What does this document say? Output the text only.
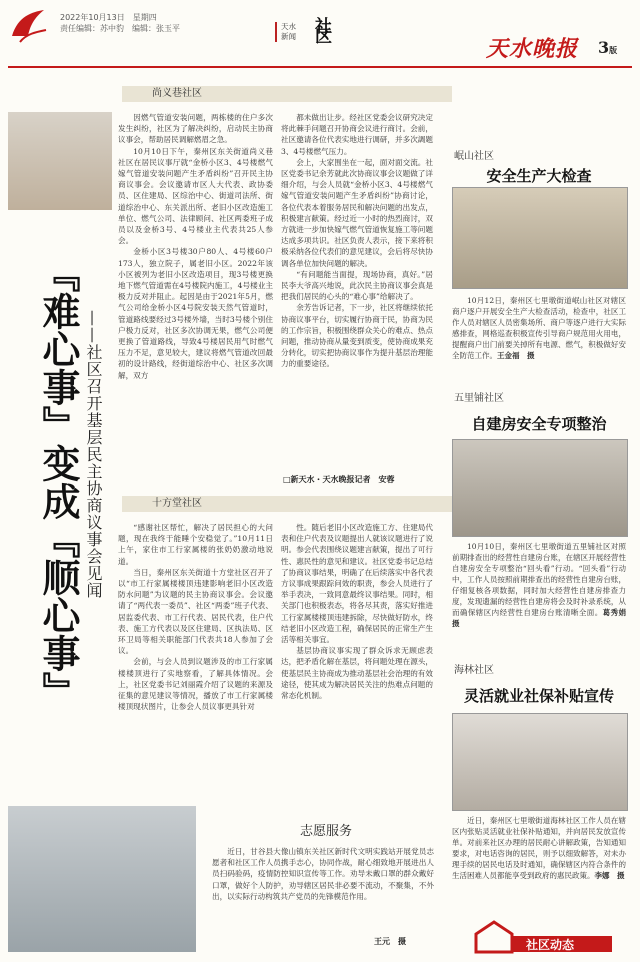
2022年10月13日　星期四
责任编辑：苏中豹　编辑：张玉平	天水
新闻 社区	天水晚报 3版
『难心事』变成『顺心事』 ——社区召开基层民主协商议事会见闻
尚义巷社区
十方堂社区

因燃气管道安装问题，两栋楼的住户多次发生纠纷，社区为了解决纠纷，启动民主协商议事会，帮助居民调解燃眉之急。

10月10日下午，秦州区东关街道尚义巷社区在居民议事厅就“金桥小区3、4号楼燃气嫁气管道安装问题产生矛盾纠纷”召开民主协商议事会。会议邀请市区人大代表、政协委员、区住建局、区综治中心、街道司法所、街道综治中心、东关派出所、老旧小区改造施工单位、燃气公司、法律顾问、社区两委班子成员以及金桥3号、4号楼业主代表共25人参会。

金桥小区3号楼30户80人、4号楼60户173人，独立院子，属老旧小区。2022年该小区被列为老旧小区改造项目，现3号楼更换地下燃气管道需在4号楼院内施工，4号楼业主极力反对并阻止。起因是由于2021年5月，燃气公司给金桥小区4号院安装天然气管道时，管道路线要经过3号楼外墙，当时3号楼个别住户极力反对，社区多次协调无果，燃气公司便更换了管道路线，导致4号楼居民用气时燃气压力不足，意见较大，建议将燃气管道改回最初的设计路线，经街道综治中心、社区多次调解，双方

都未做出让步。经社区党委会议研究决定将此棘手问题召开协商会议进行商讨。会前，社区邀请各位代表实地进行调研，并多次調题3、4号楼燃气压力。

会上，大家围坐在一起，面对面交流。社区党委书记余芳就此次协商议事会议题做了详细介绍，与会人员就“金桥小区3、4号楼燃气嫁气管道安装问题产生矛盾纠纷”协商讨论，各位代表本着服务居民和解决问题的出发点，积极建言献策。经过近一小时的热烈商讨，双方就进一步加快嫁气燃气管道恢复施工等问题达成多项共识。社区负责人表示，接下来将积极采纳各位代表们的意见建议，会后将尽快协调各单位加快问题的解决。

“有问题能当面提，现场协商，真好。”居民李大爷高兴地说，此次民主协商议事会真是把我们居民的心头的“难心事”给解决了。

余芳告诉记者，下一步，社区将继续依托协商议事平台，切实履行协商于民，协商为民的工作宗旨，积极围绕群众关心的难点、热点问题，推动协商从量变到质变，使协商成果充分转化，切实把协商议事作为提升基层治理能力的重要途径。

□新天水・天水晚报记者　安蓉

“感谢社区帮忙，解决了居民担心的大问题，现在我终于能睡个安稳觉了。”10月11日上午，家住市工行家属楼的张奶奶激动地说道。

当日，秦州区东关街道十方堂社区召开了以“市工行家属楼楼顶违建影响老旧小区改造防水问题”为议题的民主协商议事会。会议邀请了“两代表一委员”、社区“两委”班子代表、居监委代表、市工行代表、居民代表，住户代表、施工方代表以及区住建局、区执法局、区环卫局等相关职能部门代表共18人参加了会议。

会前，与会人员到议题涉及的市工行家属楼楼顶进行了实地察看，了解具体情况。会上，社区党委书记刘丽霞介绍了议题的来源及征集的意见建议等情况，播放了市工行家属楼楼顶现状图片，让参会人员议事更具针对

性。随后老旧小区改造施工方、住建局代表和住户代表及议题提出人就该议题进行了说明。参会代表围绕议题建言献策，提出了可行性、惠民性的意见和建议。社区党委书记总结了协商议事结果，明确了在后续落实中各代表方议事成果跟踪问效的职责，参会人员进行了举手表决，一致同意最终议事结果。同时，相关部门也积极表态，将各尽其责，落实好推进工行家属楼楼顶违建拆除，尽快做好防水，终结老旧小区改造工程，确保居民的正常生产生活等相关事宜。

基层协商议事实现了群众诉求无顾虑表达，把矛盾化解在基层，将问题处理在源头，使基层民主协商成为推动基层社会治理的有效途径，使其成为解决居民关注的热难点问题的常态化机制。

志愿服务

近日，甘谷县大像山镇东关社区新时代文明实践站开展党员志愿者和社区工作人员携手志心，协同作战，耐心细致地开展进出人员扫码验码，疫情防控知识宣传等工作。劝导未戴口罩的群众戴好口罩，做好个人防护，劝导辖区居民非必要不流动，不聚集，不外出，以实际行动构筑共产党员的先锋模范作用。

王元　摄
岷山社区
安全生产大检查
10月12日，秦州区七里墩街道岷山社区对辖区商户逐户开展安全生产大检查活动，检查中，社区工作人员对辖区人员密集场所、商户等逐户进行大实际感排查，网格巡查积极宣传引导商户规范用火用电，提醒商户出门前要关掉所有电源、燃气，积极做好安全防范工作。王金福　摄
五里铺社区
自建房安全专项整治
10月10日，秦州区七里墩街道五里铺社区对照前期排查出的经营性自建房台账，在辖区开展经营性自建房安全专项整治“回头看”行动。“回头看”行动中，工作人员按照前期排查出的经营性自建房台账，仔细复核各项数据，同时加大经营性自建房排查力度，发现遗漏的经营性自建房将会及时补录系统，从而确保辖区内经营性自建房台账清晰全面。葛秀娟　摄
海林社区
灵活就业社保补贴宣传
近日，秦州区七里墩街道海林社区工作人员在辖区内张贴灵活就业社保补贴通知，并向居民发放宣传单。对前来社区办理的居民耐心讲解政策，告知通知要求，对电话咨询的居民，则予以细致解答，对未办理手续的居民电话及时通知，确保辖区内符合条件的生活困难人员都能享受到政府的惠民政策。李娜　摄
社区动态
